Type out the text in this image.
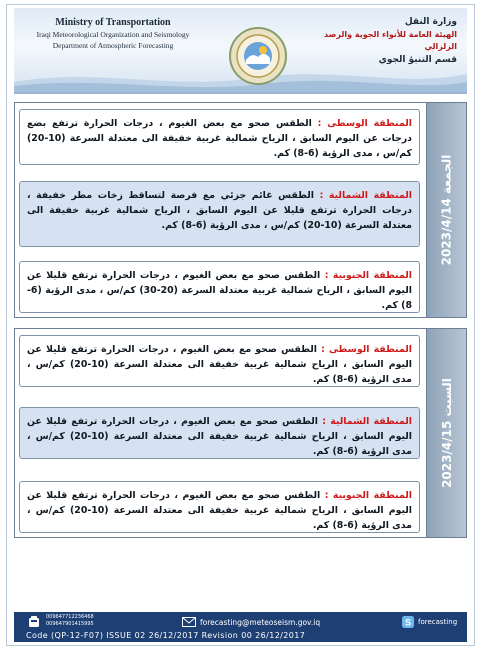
Ministry of Transportation
Iraqi Meteorological Organization and Seismology
Department of Atmospheric Forecasting
وزارة النقل
الهيئة العامة للأنواء الجوية والرصد الزلزالي
قسم التنبؤ الجوي
المنطقة الوسطى : الطقس صحو مع بعض الغيوم ، درجات الحرارة ترتفع بضع درجات عن اليوم السابق ، الرياح شمالية غربية خفيفة الى معتدلة السرعة (10-20) كم/س ، مدى الرؤية (6-8) كم.
المنطقة الشمالية : الطقس غائم جزئي مع فرصة لتساقط زخات مطر خفيفة ، درجات الحرارة ترتفع قليلا عن اليوم السابق ، الرياح شمالية غربية خفيفة الى معتدلة السرعة (10-20) كم/س ، مدى الرؤية (6-8) كم.
المنطقة الجنوبية : الطقس صحو مع بعض الغيوم ، درجات الحرارة ترتفع قليلا عن اليوم السابق ، الرياح شمالية غربية معتدلة السرعة (20-30) كم/س ، مدى الرؤية (6-8) كم.
الجمعة 2023/4/14
المنطقة الوسطى : الطقس صحو مع بعض الغيوم ، درجات الحرارة ترتفع قليلا عن اليوم السابق ، الرياح شمالية غربية خفيفة الى معتدلة السرعة (10-20) كم/س ، مدى الرؤية (6-8) كم.
المنطقة الشمالية : الطقس صحو مع بعض الغيوم ، درجات الحرارة ترتفع قليلا عن اليوم السابق ، الرياح شمالية غربية خفيفة الى معتدلة السرعة (10-20) كم/س ، مدى الرؤية (6-8) كم.
المنطقة الجنوبية : الطقس صحو مع بعض الغيوم ، درجات الحرارة ترتفع قليلا عن اليوم السابق ، الرياح شمالية غربية خفيفة الى معتدلة السرعة (10-20) كم/س ، مدى الرؤية (6-8) كم.
السبت 2023/4/15
009647712236468
009647901415995	forecasting@meteoseism.gov.iq	S forecasting
Code (QP-12-F07) ISSUE 02 26/12/2017 Revision 00 26/12/2017
